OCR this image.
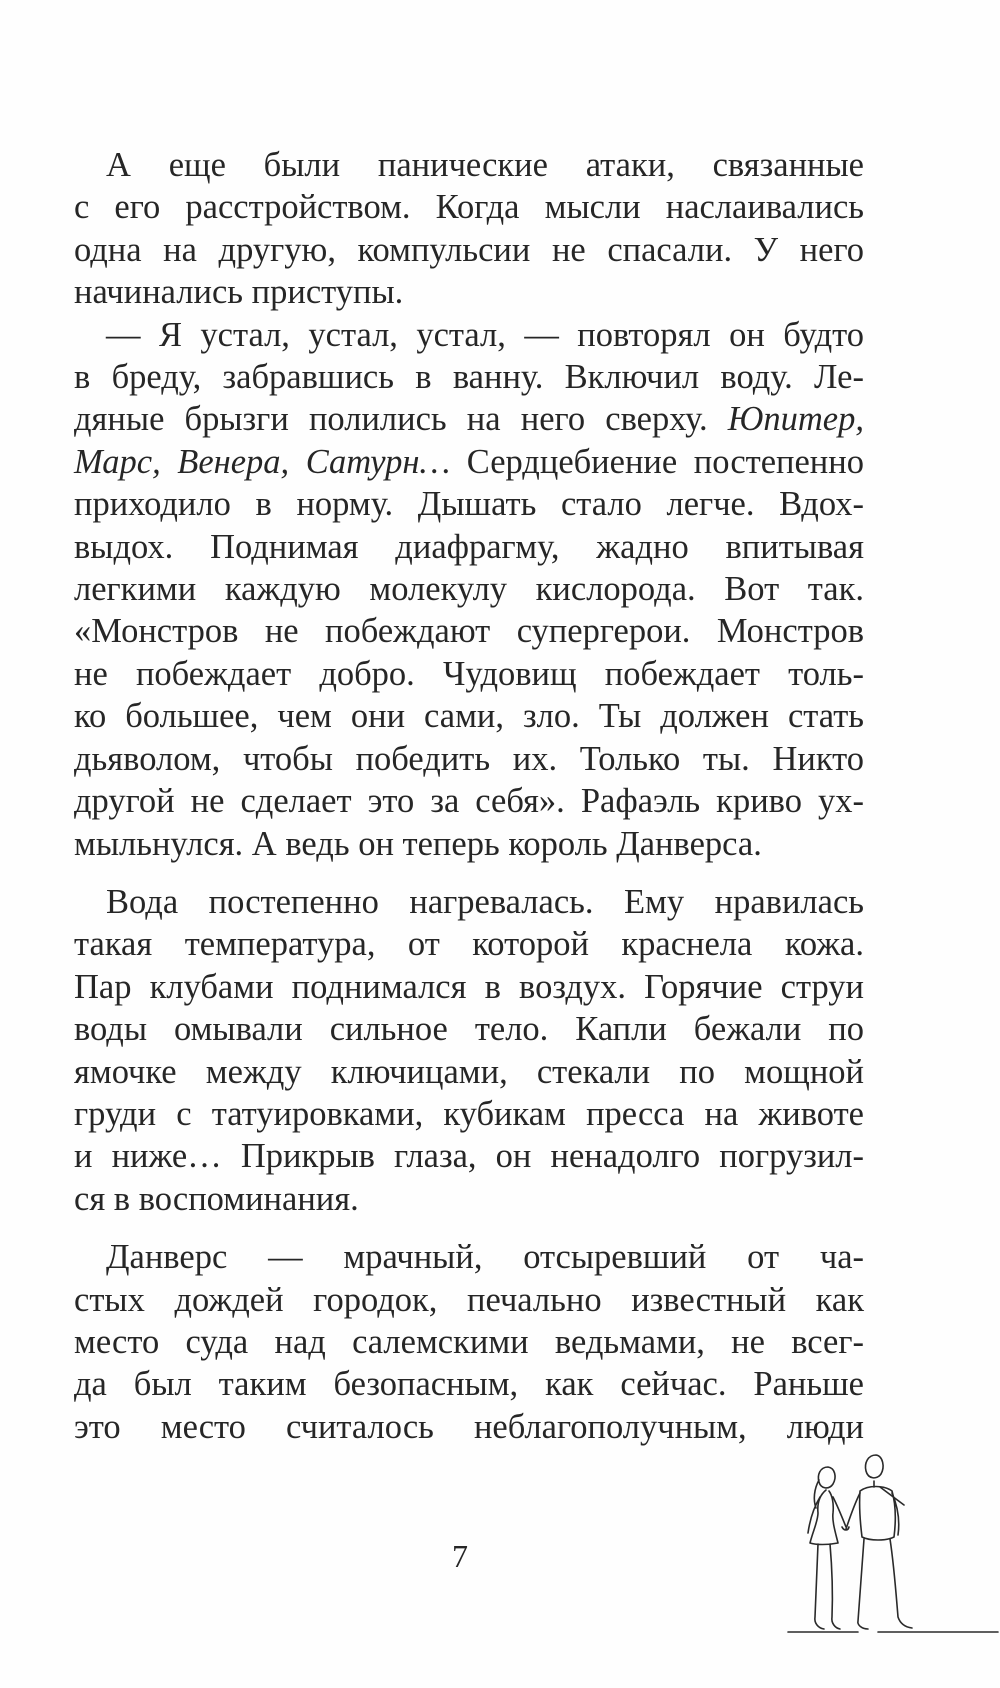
А еще были панические атаки, связанные

с его расстройством. Когда мысли наслаивались

одна на другую, компульсии не спасали. У него

начинались приступы.

— Я устал, устал, устал, — повторял он будто

в бреду, забравшись в ванну. Включил воду. Ле-

дяные брызги полились на него сверху. Юпитер,

Марс, Венера, Сатурн… Сердцебиение постепенно

приходило в норму. Дышать стало легче. Вдох-

выдох. Поднимая диафрагму, жадно впитывая

легкими каждую молекулу кислорода. Вот так.

«Монстров не побеждают супергерои. Монстров

не побеждает добро. Чудовищ побеждает толь-

ко большее, чем они сами, зло. Ты должен стать

дьяволом, чтобы победить их. Только ты. Никто

другой не сделает это за себя». Рафаэль криво ух-

мыльнулся. А ведь он теперь король Данверса.

Вода постепенно нагревалась. Ему нравилась

такая температура, от которой краснела кожа.

Пар клубами поднимался в воздух. Горячие струи

воды омывали сильное тело. Капли бежали по

ямочке между ключицами, стекали по мощной

груди с татуировками, кубикам пресса на животе

и ниже… Прикрыв глаза, он ненадолго погрузил-

ся в воспоминания.

Данверс — мрачный, отсыревший от ча-

стых дождей городок, печально известный как

место суда над салемскими ведьмами, не всег-

да был таким безопасным, как сейчас. Раньше

это место считалось неблагополучным, люди

7
